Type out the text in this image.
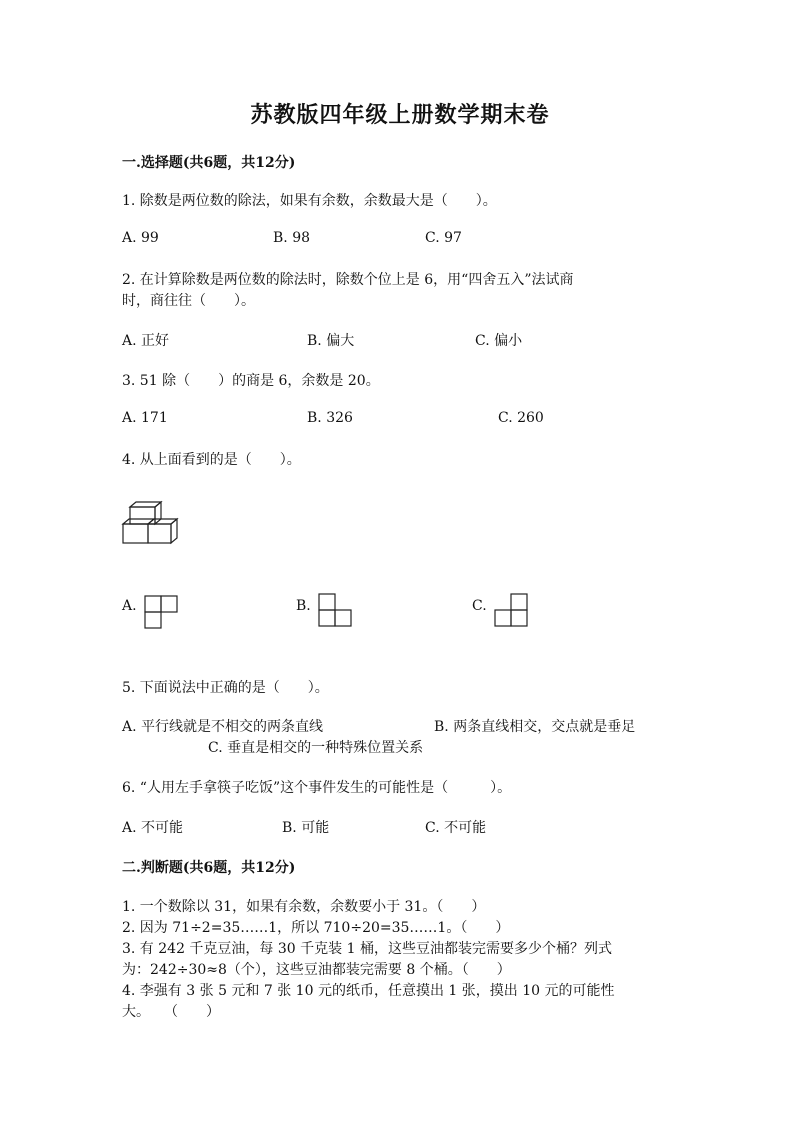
苏教版四年级上册数学期末卷
一.选择题(共6题，共12分)
1. 除数是两位数的除法，如果有余数，余数最大是（　　）。
A. 99	B. 98	C. 97
2. 在计算除数是两位数的除法时，除数个位上是 6，用“四舍五入”法试商
时，商往往（　　）。
A. 正好	B. 偏大	C. 偏小
3. 51 除（　　）的商是 6，余数是 20。
A. 171	B. 326	C. 260
4. 从上面看到的是（　　）。
A.	B.	C.
5. 下面说法中正确的是（　　）。
A. 平行线就是不相交的两条直线	B. 两条直线相交，交点就是垂足
C. 垂直是相交的一种特殊位置关系
6. “人用左手拿筷子吃饭”这个事件发生的可能性是（　　　）。
A. 不可能	B. 可能	C. 不可能
二.判断题(共6题，共12分)
1. 一个数除以 31，如果有余数，余数要小于 31。（　　）
2. 因为 71÷2=35……1，所以 710÷20=35……1。（　　）
3. 有 242 千克豆油，每 30 千克装 1 桶，这些豆油都装完需要多少个桶？列式
为：242÷30≈8（个），这些豆油都装完需要 8 个桶。（　　）
4. 李强有 3 张 5 元和 7 张 10 元的纸币，任意摸出 1 张，摸出 10 元的可能性
大。　　（　　）
